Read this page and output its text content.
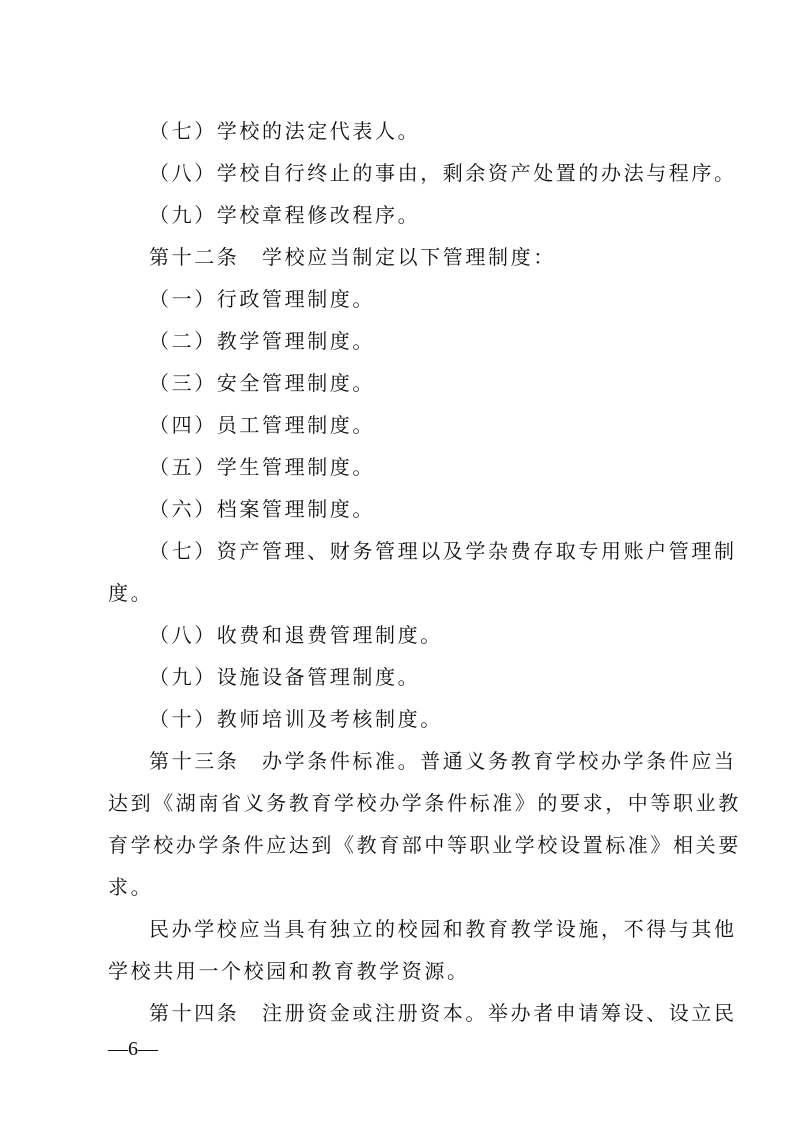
（七）学校的法定代表人。
（八）学校自行终止的事由，剩余资产处置的办法与程序。
（九）学校章程修改程序。
第十二条　学校应当制定以下管理制度：
（一）行政管理制度。
（二）教学管理制度。
（三）安全管理制度。
（四）员工管理制度。
（五）学生管理制度。
（六）档案管理制度。
（七）资产管理、财务管理以及学杂费存取专用账户管理制
度。
（八）收费和退费管理制度。
（九）设施设备管理制度。
（十）教师培训及考核制度。
第十三条　办学条件标准。普通义务教育学校办学条件应当
达到《湖南省义务教育学校办学条件标准》的要求，中等职业教
育学校办学条件应达到《教育部中等职业学校设置标准》相关要
求。
民办学校应当具有独立的校园和教育教学设施，不得与其他
学校共用一个校园和教育教学资源。
第十四条　注册资金或注册资本。举办者申请筹设、设立民
—6—
